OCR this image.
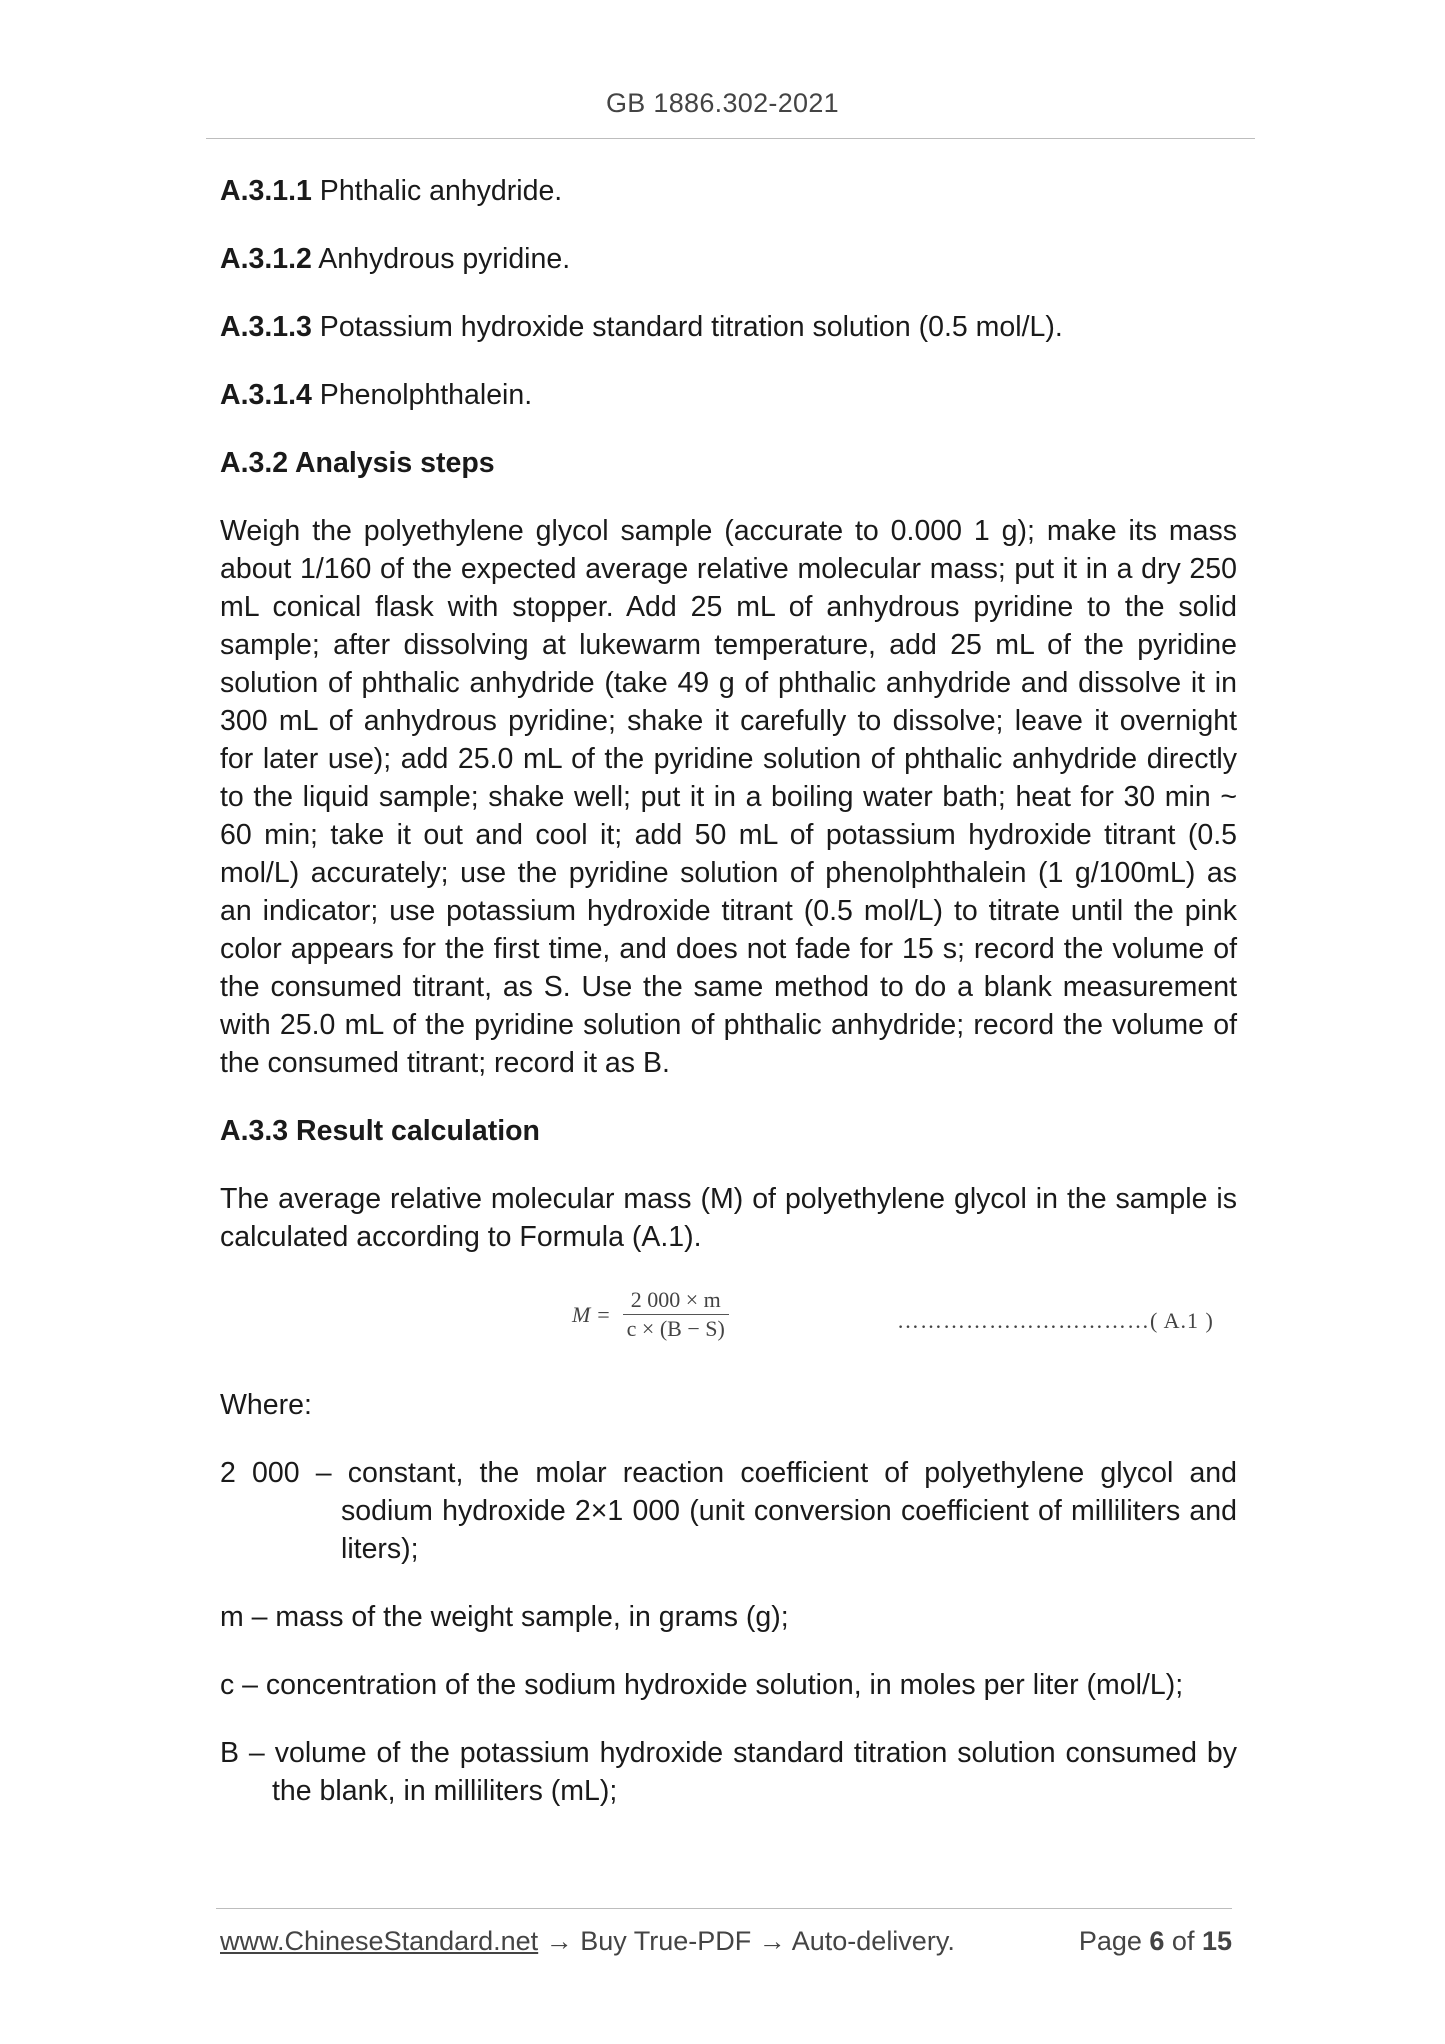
GB 1886.302-2021

A.3.1.1 Phthalic anhydride.

A.3.1.2 Anhydrous pyridine.

A.3.1.3 Potassium hydroxide standard titration solution (0.5 mol/L).

A.3.1.4 Phenolphthalein.

A.3.2 Analysis steps

Weigh the polyethylene glycol sample (accurate to 0.000 1 g); make its mass about 1/160 of the expected average relative molecular mass; put it in a dry 250 mL conical flask with stopper. Add 25 mL of anhydrous pyridine to the solid sample; after dissolving at lukewarm temperature, add 25 mL of the pyridine solution of phthalic anhydride (take 49 g of phthalic anhydride and dissolve it in 300 mL of anhydrous pyridine; shake it carefully to dissolve; leave it overnight for later use); add 25.0 mL of the pyridine solution of phthalic anhydride directly to the liquid sample; shake well; put it in a boiling water bath; heat for 30 min ~ 60 min; take it out and cool it; add 50 mL of potassium hydroxide titrant (0.5 mol/L) accurately; use the pyridine solution of phenolphthalein (1 g/100mL) as an indicator; use potassium hydroxide titrant (0.5 mol/L) to titrate until the pink color appears for the first time, and does not fade for 15 s; record the volume of the consumed titrant, as S. Use the same method to do a blank measurement with 25.0 mL of the pyridine solution of phthalic anhydride; record the volume of the consumed titrant; record it as B.

A.3.3 Result calculation

The average relative molecular mass (M) of polyethylene glycol in the sample is calculated according to Formula (A.1).

$M = \frac{2 000 \times m}{c \times (B - S)}$	……………………………( A.1 )

Where:

2 000 – constant, the molar reaction coefficient of polyethylene glycol and sodium hydroxide 2×1 000 (unit conversion coefficient of milliliters and liters);

m – mass of the weight sample, in grams (g);

c – concentration of the sodium hydroxide solution, in moles per liter (mol/L);

B – volume of the potassium hydroxide standard titration solution consumed by the blank, in milliliters (mL);

www.ChineseStandard.net → Buy True-PDF → Auto-delivery.	Page 6 of 15
